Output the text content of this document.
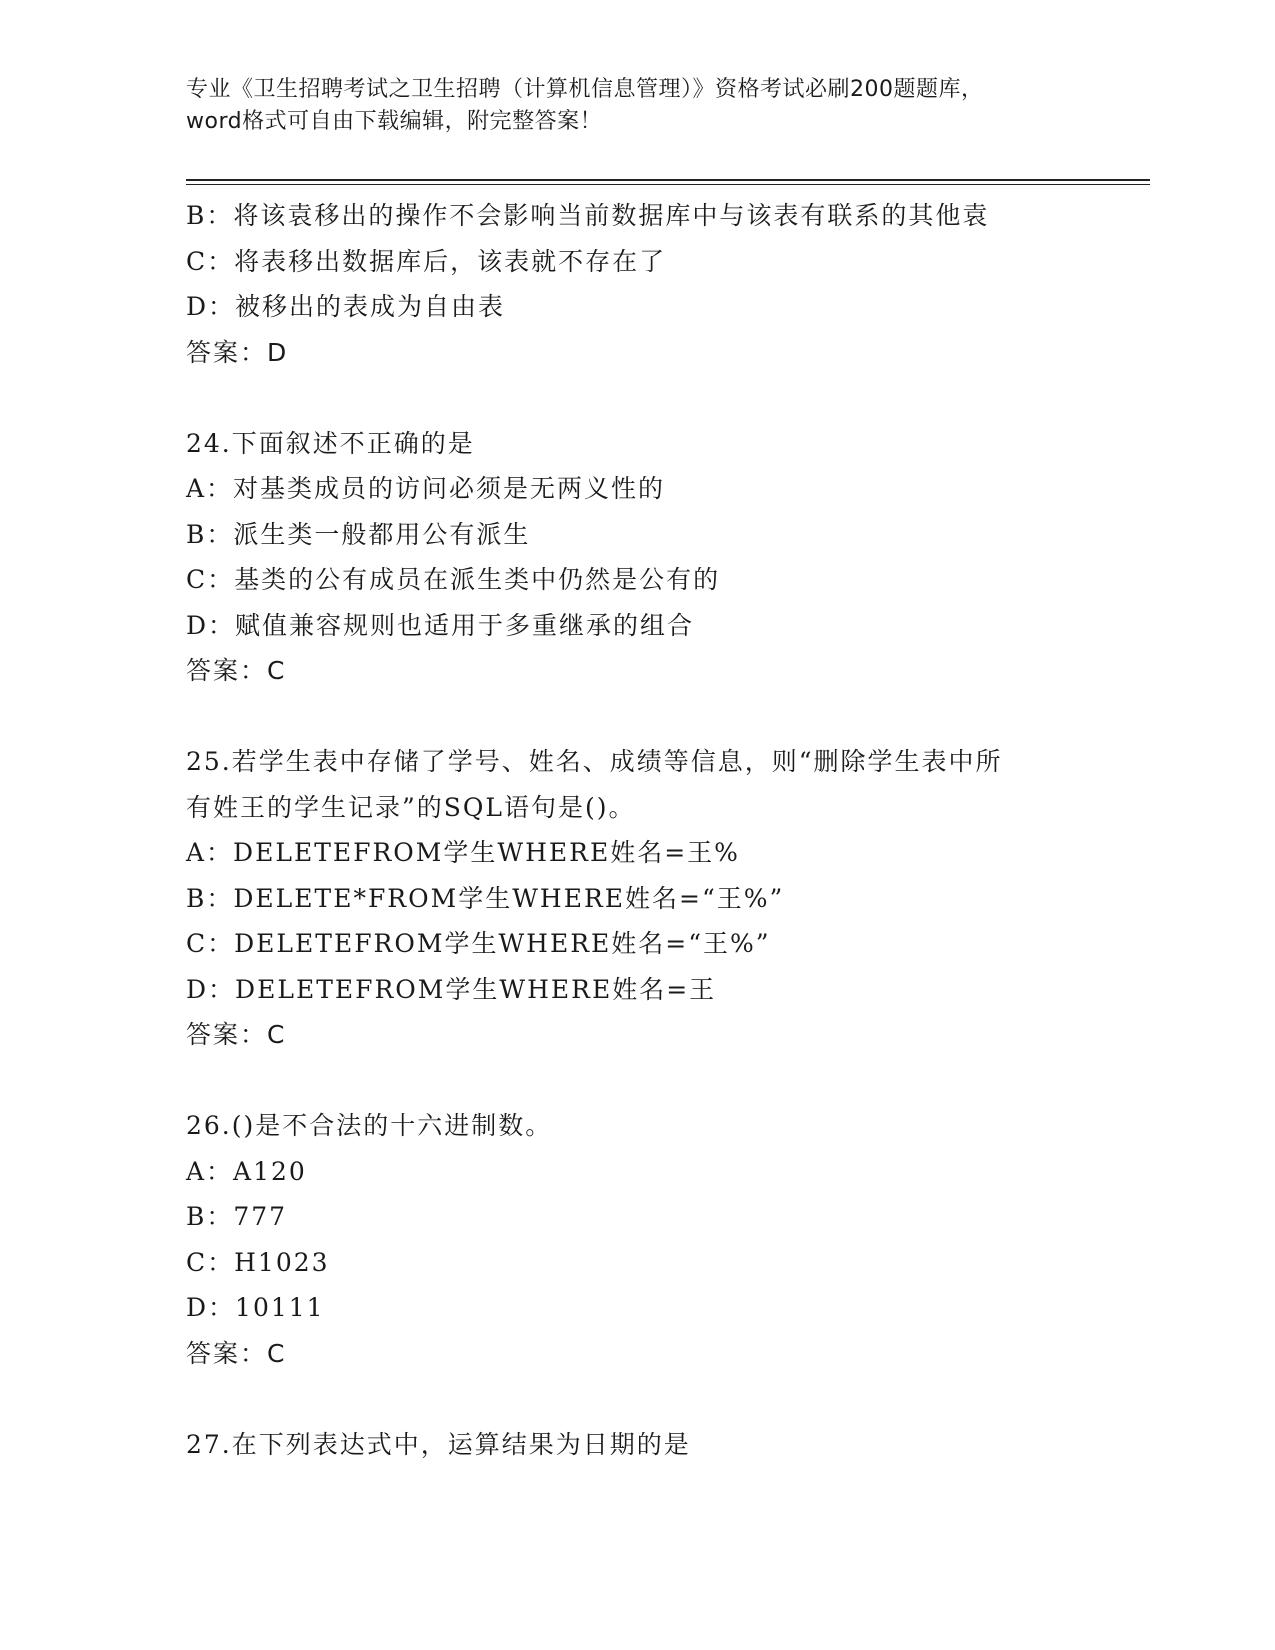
专业《卫生招聘考试之卫生招聘（计算机信息管理）》资格考试必刷200题题库，
word格式可自由下载编辑，附完整答案！
B：将该袁移出的操作不会影响当前数据库中与该表有联系的其他袁
C：将表移出数据库后，该表就不存在了
D：被移出的表成为自由表
答案：D
24.下面叙述不正确的是
A：对基类成员的访问必须是无两义性的
B：派生类一般都用公有派生
C：基类的公有成员在派生类中仍然是公有的
D：赋值兼容规则也适用于多重继承的组合
答案：C
25.若学生表中存储了学号、姓名、成绩等信息，则“删除学生表中所
有姓王的学生记录”的SQL语句是()。
A：DELETEFROM学生WHERE姓名=王%
B：DELETE*FROM学生WHERE姓名=“王%”
C：DELETEFROM学生WHERE姓名=“王%”
D：DELETEFROM学生WHERE姓名=王
答案：C
26.()是不合法的十六进制数。
A：A120
B：777
C：H1023
D：10111
答案：C
27.在下列表达式中，运算结果为日期的是
